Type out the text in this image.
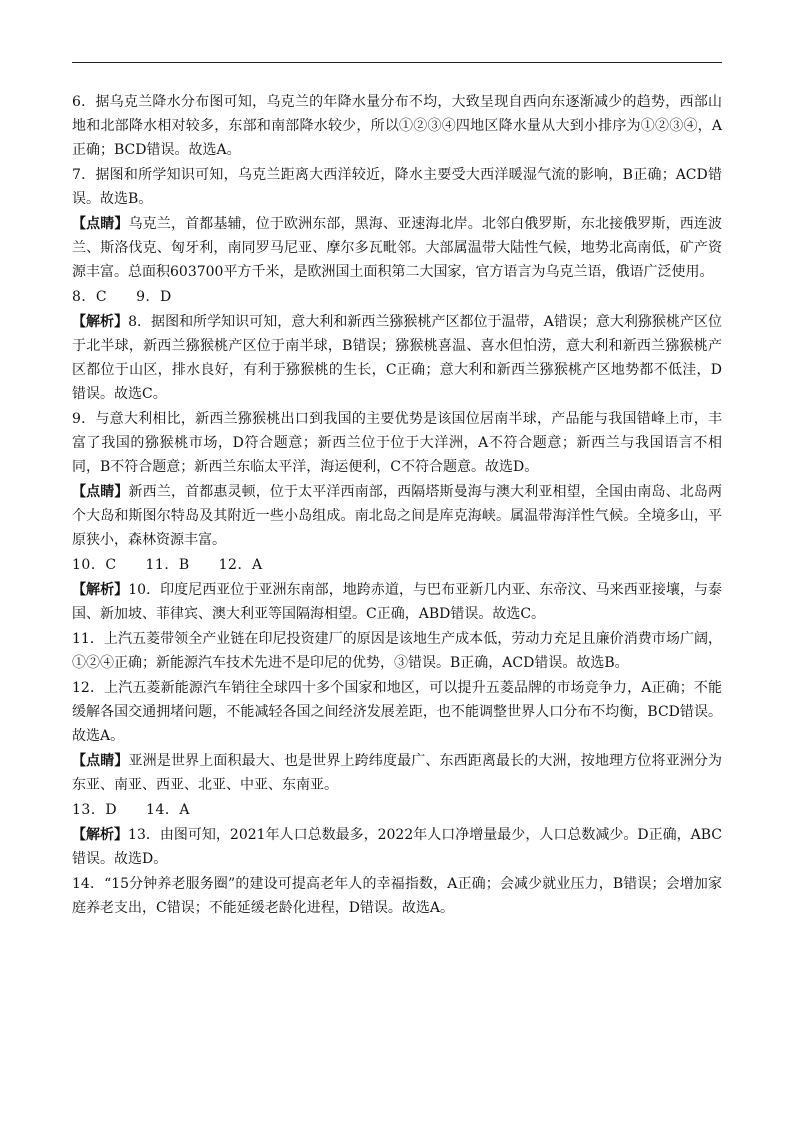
6．据乌克兰降水分布图可知，乌克兰的年降水量分布不均，大致呈现自西向东逐渐减少的趋势，西部山地和北部降水相对较多，东部和南部降水较少，所以①②③④四地区降水量从大到小排序为①②③④，A正确；BCD错误。故选A。

7．据图和所学知识可知，乌克兰距离大西洋较近，降水主要受大西洋暖湿气流的影响，B正确；ACD错误。故选B。

【点睛】乌克兰，首都基辅，位于欧洲东部，黑海、亚速海北岸。北邻白俄罗斯，东北接俄罗斯，西连波兰、斯洛伐克、匈牙利，南同罗马尼亚、摩尔多瓦毗邻。大部属温带大陆性气候，地势北高南低，矿产资源丰富。总面积603700平方千米，是欧洲国土面积第二大国家，官方语言为乌克兰语，俄语广泛使用。

8．C　　9．D

【解析】8．据图和所学知识可知，意大利和新西兰猕猴桃产区都位于温带，A错误；意大利猕猴桃产区位于北半球，新西兰猕猴桃产区位于南半球，B错误；猕猴桃喜温、喜水但怕涝，意大利和新西兰猕猴桃产区都位于山区，排水良好，有利于猕猴桃的生长，C正确；意大利和新西兰猕猴桃产区地势都不低洼，D错误。故选C。

9．与意大利相比，新西兰猕猴桃出口到我国的主要优势是该国位居南半球，产品能与我国错峰上市，丰富了我国的猕猴桃市场，D符合题意；新西兰位于位于大洋洲，A不符合题意；新西兰与我国语言不相同，B不符合题意；新西兰东临太平洋，海运便利，C不符合题意。故选D。

【点睛】新西兰，首都惠灵顿，位于太平洋西南部，西隔塔斯曼海与澳大利亚相望，全国由南岛、北岛两个大岛和斯图尔特岛及其附近一些小岛组成。南北岛之间是库克海峡。属温带海洋性气候。全境多山，平原狭小，森林资源丰富。

10．C　　11．B　　12．A

【解析】10．印度尼西亚位于亚洲东南部，地跨赤道，与巴布亚新几内亚、东帝汶、马来西亚接壤，与泰国、新加坡、菲律宾、澳大利亚等国隔海相望。C正确，ABD错误。故选C。

11．上汽五菱带领全产业链在印尼投资建厂的原因是该地生产成本低，劳动力充足且廉价消费市场广阔，①②④正确；新能源汽车技术先进不是印尼的优势，③错误。B正确，ACD错误。故选B。

12．上汽五菱新能源汽车销往全球四十多个国家和地区，可以提升五菱品牌的市场竞争力，A正确；不能缓解各国交通拥堵问题，不能减轻各国之间经济发展差距，也不能调整世界人口分布不均衡，BCD错误。故选A。

【点睛】亚洲是世界上面积最大、也是世界上跨纬度最广、东西距离最长的大洲，按地理方位将亚洲分为东亚、南亚、西亚、北亚、中亚、东南亚。

13．D　　14．A

【解析】13．由图可知，2021年人口总数最多，2022年人口净增量最少，人口总数减少。D正确，ABC错误。故选D。

14．“15分钟养老服务圈”的建设可提高老年人的幸福指数，A正确；会减少就业压力，B错误；会增加家庭养老支出，C错误；不能延缓老龄化进程，D错误。故选A。
